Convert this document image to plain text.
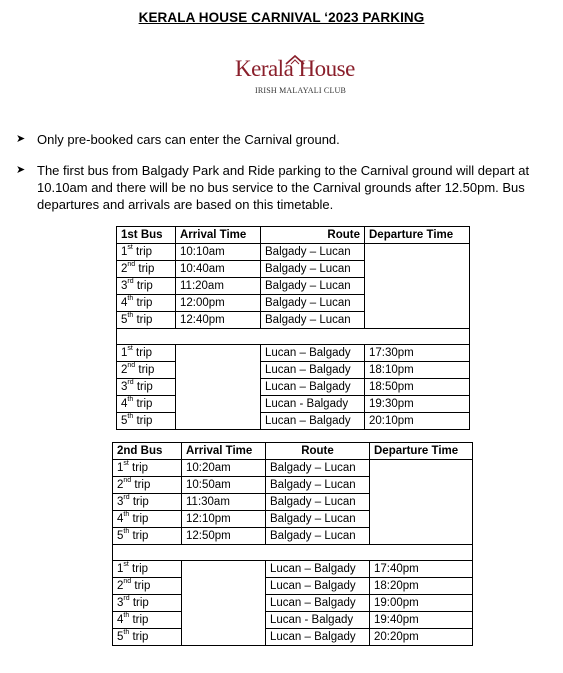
KERALA HOUSE CARNIVAL ‘2023 PARKING
Kerala House
IRISH MALAYALI CLUB
➤ Only pre-booked cars can enter the Carnival ground.
➤ The first bus from Balgady Park and Ride parking to the Carnival ground will depart at 10.10am and there will be no bus service to the Carnival grounds after 12.50pm. Bus departures and arrivals are based on this timetable.
1st Bus	Arrival Time	Route	Departure Time
1st trip	10:10am	Balgady – Lucan	
2nd trip	10:40am	Balgady – Lucan	
3rd trip	11:20am	Balgady – Lucan	
4th trip	12:00pm	Balgady – Lucan	
5th trip	12:40pm	Balgady – Lucan	

1st trip		Lucan – Balgady	17:30pm
2nd trip		Lucan – Balgady	18:10pm
3rd trip		Lucan – Balgady	18:50pm
4th trip		Lucan - Balgady	19:30pm
5th trip		Lucan – Balgady	20:10pm
2nd Bus	Arrival Time	Route	Departure Time
1st trip	10:20am	Balgady – Lucan	
2nd trip	10:50am	Balgady – Lucan	
3rd trip	11:30am	Balgady – Lucan	
4th trip	12:10pm	Balgady – Lucan	
5th trip	12:50pm	Balgady – Lucan	

1st trip		Lucan – Balgady	17:40pm
2nd trip		Lucan – Balgady	18:20pm
3rd trip		Lucan – Balgady	19:00pm
4th trip		Lucan - Balgady	19:40pm
5th trip		Lucan – Balgady	20:20pm
